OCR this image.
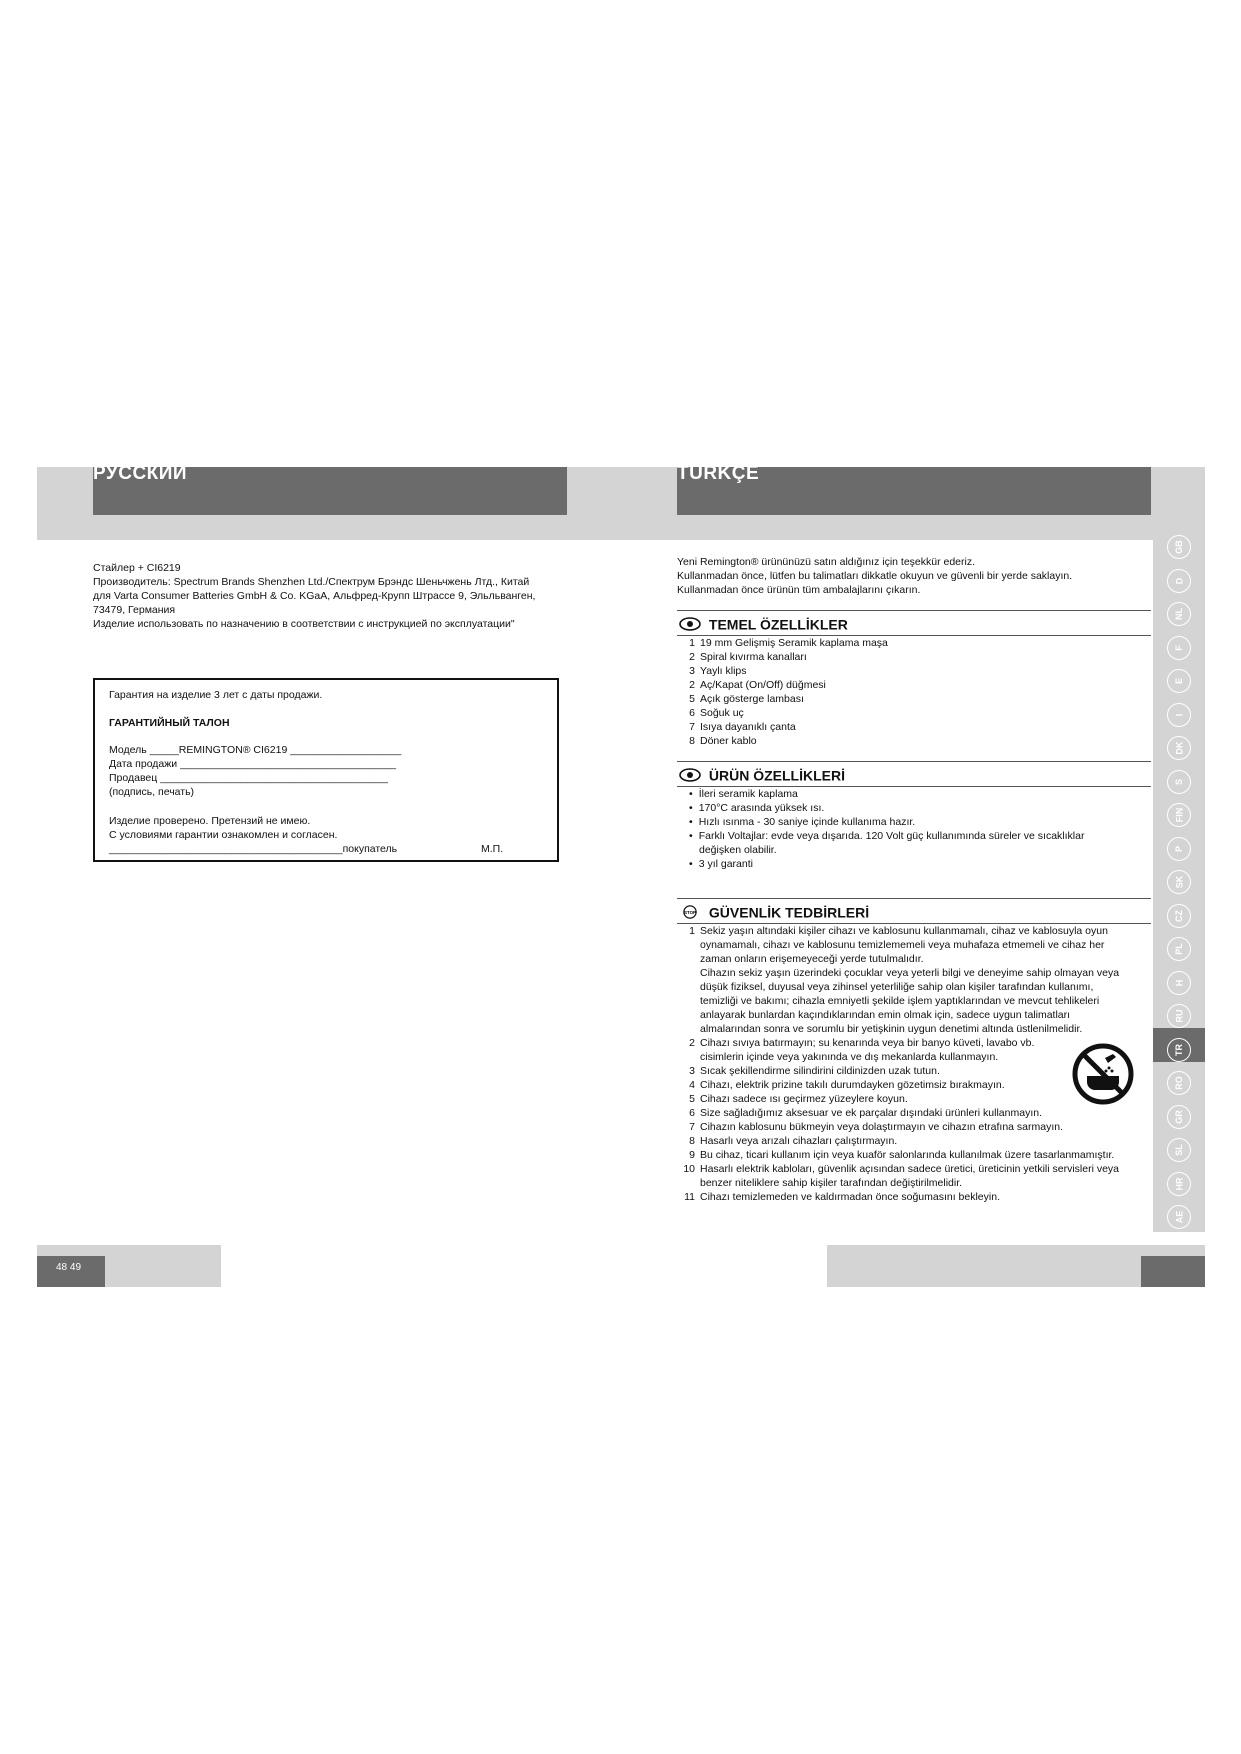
РУССКИЙ	TÜRKÇE
GB
D
NL
F
E
I
DK
S
FIN
P
SK
CZ
PL
H
RU
TR
RO
GR
SL
HR
AE
Стайлер + CI6219
Производитель: Spectrum Brands Shenzhen Ltd./Спектрум Брэндс Шеньчжень Лтд., Китай
для Varta Consumer Batteries GmbH & Co. KGaA, Альфред-Крупп Штрассе 9, Эльльванген,
73479, Германия
Изделие использовать по назначению в соответствии с инструкцией по эксплуатации"
Гарантия на изделие 3 лет с даты продажи.
ГАРАНТИЙНЫЙ ТАЛОН
Модель _____REMINGTON® CI6219 ___________________
Дата продажи _____________________________________
Продавец _______________________________________
(подпись, печать)
Изделие проверено. Претензий не имею.
С условиями гарантии ознакомлен и согласен.
________________________________________покупатель	М.П.
Yeni Remington® ürününüzü satın aldığınız için teşekkür ederiz.
Kullanmadan önce, lütfen bu talimatları dikkatle okuyun ve güvenli bir yerde saklayın.
Kullanmadan önce ürünün tüm ambalajlarını çıkarın.
TEMEL ÖZELLİKLER
1 19 mm Gelişmiş Seramik kaplama maşa
2 Spiral kıvırma kanalları
3 Yaylı klips
2 Aç/Kapat (On/Off) düğmesi
5 Açık gösterge lambası
6 Soğuk uç
7 Isıya dayanıklı çanta
8 Döner kablo
ÜRÜN ÖZELLİKLERİ
• İleri seramik kaplama
• 170°C arasında yüksek ısı.
• Hızlı ısınma - 30 saniye içinde kullanıma hazır.
• Farklı Voltajlar: evde veya dışarıda. 120 Volt güç kullanımında süreler ve sıcaklıklar değişken olabilir.
• 3 yıl garanti
STOP GÜVENLİK TEDBİRLERİ
1 Sekiz yaşın altındaki kişiler cihazı ve kablosunu kullanmamalı, cihaz ve kablosuyla oyun oynamamalı, cihazı ve kablosunu temizlememeli veya muhafaza etmemeli ve cihaz her zaman onların erişemeyeceği yerde tutulmalıdır.
Cihazın sekiz yaşın üzerindeki çocuklar veya yeterli bilgi ve deneyime sahip olmayan veya düşük fiziksel, duyusal veya zihinsel yeterliliğe sahip olan kişiler tarafından kullanımı, temizliği ve bakımı; cihazla emniyetli şekilde işlem yaptıklarından ve mevcut tehlikeleri anlayarak bunlardan kaçındıklarından emin olmak için, sadece uygun talimatları almalarından sonra ve sorumlu bir yetişkinin uygun denetimi altında üstlenilmelidir.
2 Cihazı sıvıya batırmayın; su kenarında veya bir banyo küveti, lavabo vb. cisimlerin içinde veya yakınında ve dış mekanlarda kullanmayın.
3 Sıcak şekillendirme silindirini cildinizden uzak tutun.
4 Cihazı, elektrik prizine takılı durumdayken gözetimsiz bırakmayın.
5 Cihazı sadece ısı geçirmez yüzeylere koyun.
6 Size sağladığımız aksesuar ve ek parçalar dışındaki ürünleri kullanmayın.
7 Cihazın kablosunu bükmeyin veya dolaştırmayın ve cihazın etrafına sarmayın.
8 Hasarlı veya arızalı cihazları çalıştırmayın.
9 Bu cihaz, ticari kullanım için veya kuaför salonlarında kullanılmak üzere tasarlanmamıştır.
10 Hasarlı elektrik kabloları, güvenlik açısından sadece üretici, üreticinin yetkili servisleri veya benzer niteliklere sahip kişiler tarafından değiştirilmelidir.
11 Cihazı temizlemeden ve kaldırmadan önce soğumasını bekleyin.
48 49
